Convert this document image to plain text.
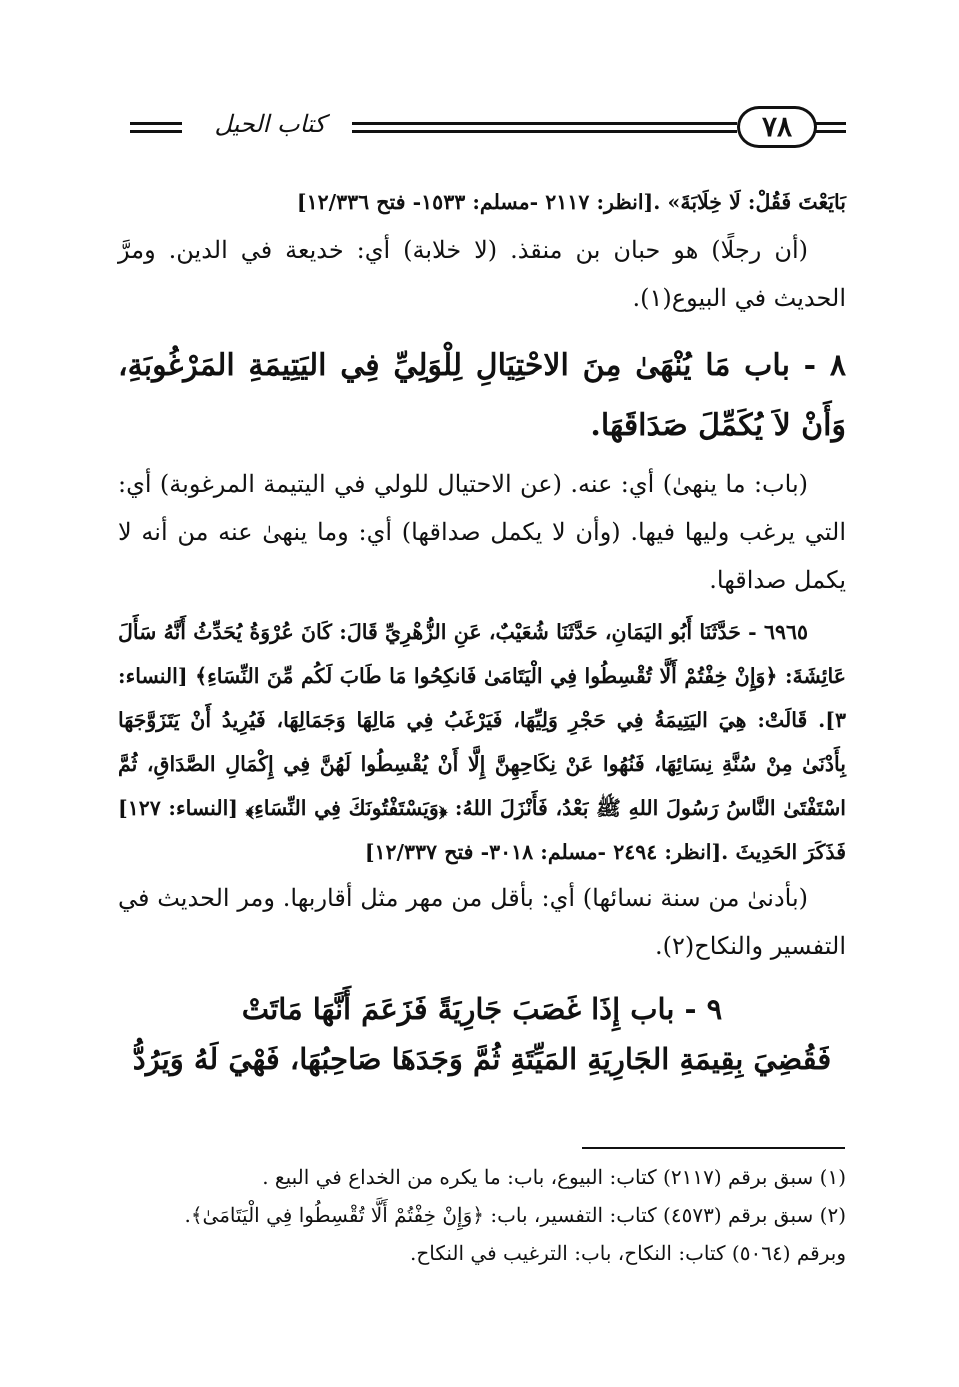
كتاب الحيل	٧٨

بَايَعْتَ فَقُلْ: لَا خِلَابَةَ» .[انظر: ٢١١٧ -مسلم: ١٥٣٣- فتح ١٢/٣٣٦]

(أن رجلًا) هو حبان بن منقذ. (لا خلابة) أي: خديعة في الدين. ومرَّ الحديث في البيوع(١).

٨ - باب مَا يُنْهَىٰ مِنَ الاحْتِيَالِ لِلْوَلِيِّ فِي اليَتِيمَةِ المَرْغُوبَةِ، وَأَنْ لاَ يُكَمِّلَ صَدَاقَهَا.

(باب: ما ينهىٰ) أي: عنه. (عن الاحتيال للولي في اليتيمة المرغوبة) أي: التي يرغب وليها فيها. (وأن لا يكمل صداقها) أي: وما ينهىٰ عنه من أنه لا يكمل صداقها.

٦٩٦٥ - حَدَّثَنَا أَبُو اليَمَانِ، حَدَّثَنَا شُعَيْبٌ، عَنِ الزُّهْرِيِّ قَالَ: كَانَ عُرْوَةُ يُحَدِّثُ أَنَّهُ سَأَلَ عَائِشَةَ: ﴿وَإِنْ خِفْتُمْ أَلَّا تُقْسِطُوا فِي الْيَتَامَىٰ فَانكِحُوا مَا طَابَ لَكُم مِّنَ النِّسَاءِ﴾ [النساء: ٣]. قَالَتْ: هِيَ اليَتِيمَةُ فِي حَجْرِ وَلِيِّهَا، فَيَرْغَبُ فِي مَالِهَا وَجَمَالِهَا، فَيُرِيدُ أَنْ يَتَزَوَّجَهَا بِأَدْنَىٰ مِنْ سُنَّةِ نِسَائِهَا، فَنُهُوا عَنْ نِكَاحِهِنَّ إِلَّا أَنْ يُقْسِطُوا لَهُنَّ فِي إِكْمَالِ الصَّدَاقِ، ثُمَّ اسْتَفْتَىٰ النَّاسُ رَسُولَ اللهِ ﷺ بَعْدُ، فَأَنْزَلَ اللهُ: ﴿وَيَسْتَفْتُونَكَ فِي النِّسَاءِ﴾ [النساء: ١٢٧] فَذَكَرَ الحَدِيثَ .[انظر: ٢٤٩٤ -مسلم: ٣٠١٨- فتح ١٢/٣٣٧]

(بأدنىٰ من سنة نسائها) أي: بأقل من مهر مثل أقاربها. ومر الحديث في التفسير والنكاح(٢).

٩ - باب إِذَا غَصَبَ جَارِيَةً فَزَعَمَ أَنَّهَا مَاتَتْ

فَقُضِيَ بِقِيمَةِ الجَارِيَةِ المَيِّتَةِ ثُمَّ وَجَدَهَا صَاحِبُهَا، فَهْيَ لَهُ وَيَرُدُّ

(١) سبق برقم (٢١١٧) كتاب: البيوع، باب: ما يكره من الخداع في البيع .

(٢) سبق برقم (٤٥٧٣) كتاب: التفسير، باب: ﴿وَإِنْ خِفْتُمْ أَلَّا تُقْسِطُوا فِي الْيَتَامَىٰ﴾.

وبرقم (٥٠٦٤) كتاب: النكاح، باب: الترغيب في النكاح.
